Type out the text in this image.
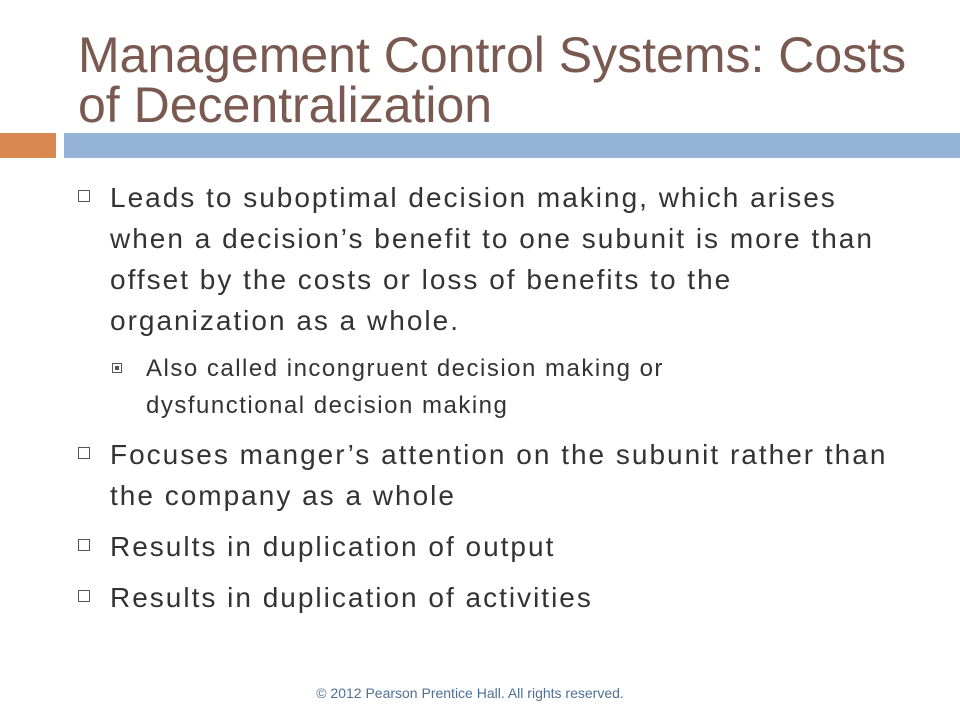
Management Control Systems: Costs of Decentralization
Leads to suboptimal decision making, which arises when a decision’s benefit to one subunit is more than offset by the costs or loss of benefits to the organization as a whole.
Also called incongruent decision making or dysfunctional decision making
Focuses manger’s attention on the subunit rather than the company as a whole
Results in duplication of output
Results in duplication of activities
© 2012 Pearson Prentice Hall. All rights reserved.
